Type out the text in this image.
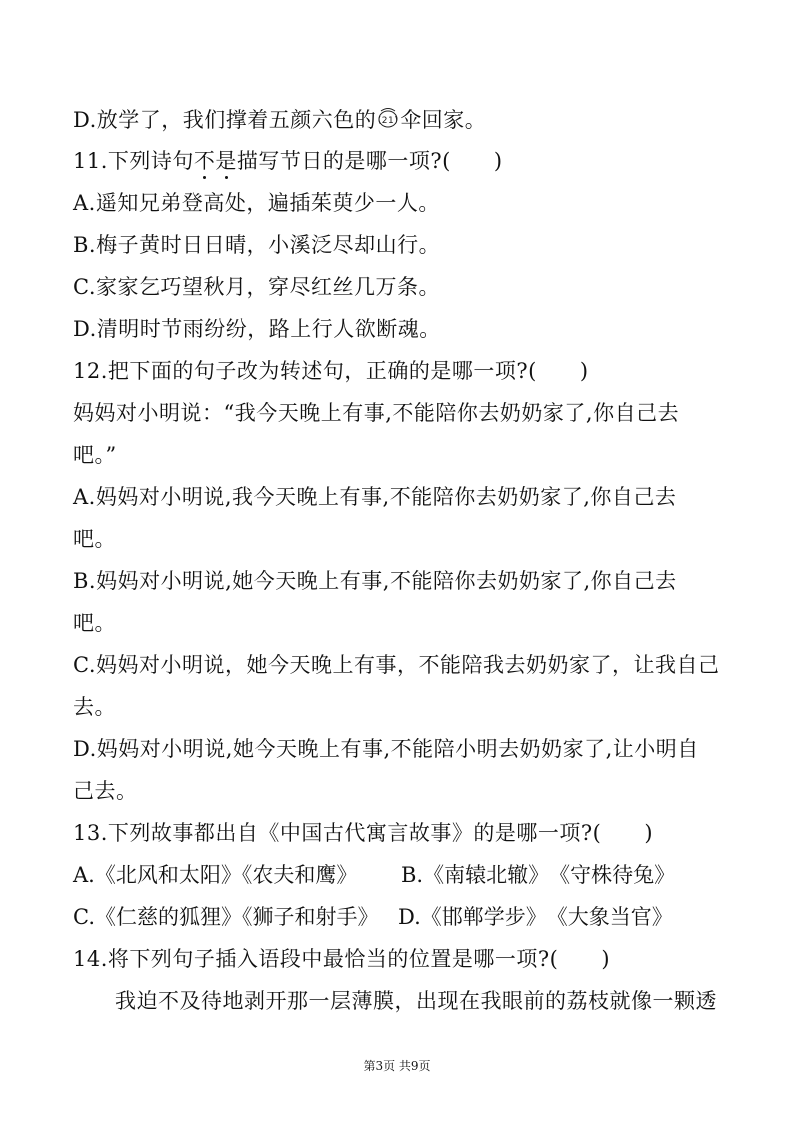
D.放学了，我们撑着五颜六色的 (21) 伞回家。
11.下列诗句不是描写节日的是哪一项?(　　)
A.遥知兄弟登高处，遍插茱萸少一人。
B.梅子黄时日日晴，小溪泛尽却山行。
C.家家乞巧望秋月，穿尽红丝几万条。
D.清明时节雨纷纷，路上行人欲断魂。
12.把下面的句子改为转述句，正确的是哪一项?(　　)
妈妈对小明说：“我今天晚上有事,不能陪你去奶奶家了,你自己去
吧。”
A.妈妈对小明说,我今天晚上有事,不能陪你去奶奶家了,你自己去
吧。
B.妈妈对小明说,她今天晚上有事,不能陪你去奶奶家了,你自己去
吧。
C.妈妈对小明说，她今天晚上有事，不能陪我去奶奶家了，让我自己
去。
D.妈妈对小明说,她今天晚上有事,不能陪小明去奶奶家了,让小明自
己去。
13.下列故事都出自《中国古代寓言故事》的是哪一项?(　　)
A.《北风和太阳》《农夫和鹰》 B.《南辕北辙》　《守株待兔》
C.《仁慈的狐狸》《狮子和射手》 D.《邯郸学步》　《大象当官》
14.将下列句子插入语段中最恰当的位置是哪一项?(　　)
我迫不及待地剥开那一层薄膜，出现在我眼前的荔枝就像一颗透
第3页 共9页
